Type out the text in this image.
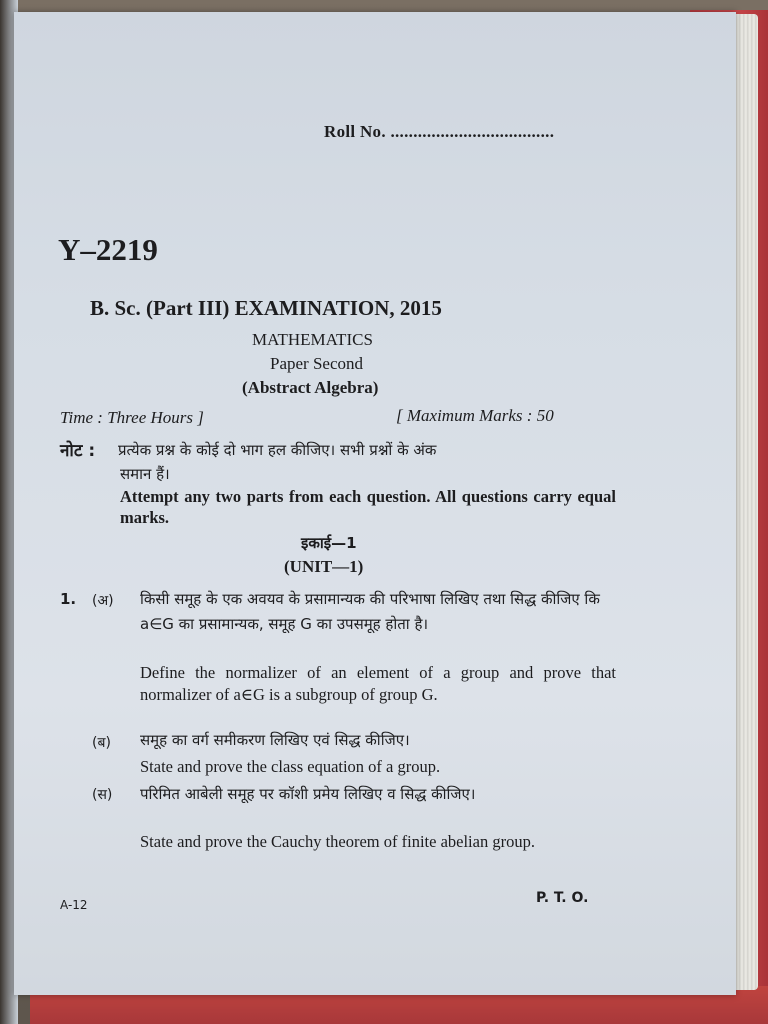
Roll No. ....................................
Y–2219
B. Sc. (Part III) EXAMINATION, 2015
MATHEMATICS
Paper Second
(Abstract Algebra)
Time : Three Hours ]	[ Maximum Marks : 50
नोट : प्रत्येक प्रश्न के कोई दो भाग हल कीजिए। सभी प्रश्नों के अंक
समान हैं।
Attempt any two parts from each question. All questions carry equal marks.
इकाई—1
(UNIT—1)
1. (अ) किसी समूह के एक अवयव के प्रसामान्यक की परिभाषा लिखिए तथा सिद्ध कीजिए कि a∈G का प्रसामान्यक, समूह G का उपसमूह होता है।
Define the normalizer of an element of a group and prove that normalizer of a∈G is a subgroup of group G.
(ब) समूह का वर्ग समीकरण लिखिए एवं सिद्ध कीजिए।
State and prove the class equation of a group.
(स) परिमित आबेली समूह पर कॉशी प्रमेय लिखिए व सिद्ध कीजिए।
State and prove the Cauchy theorem of finite abelian group.
A-12	P. T. O.
